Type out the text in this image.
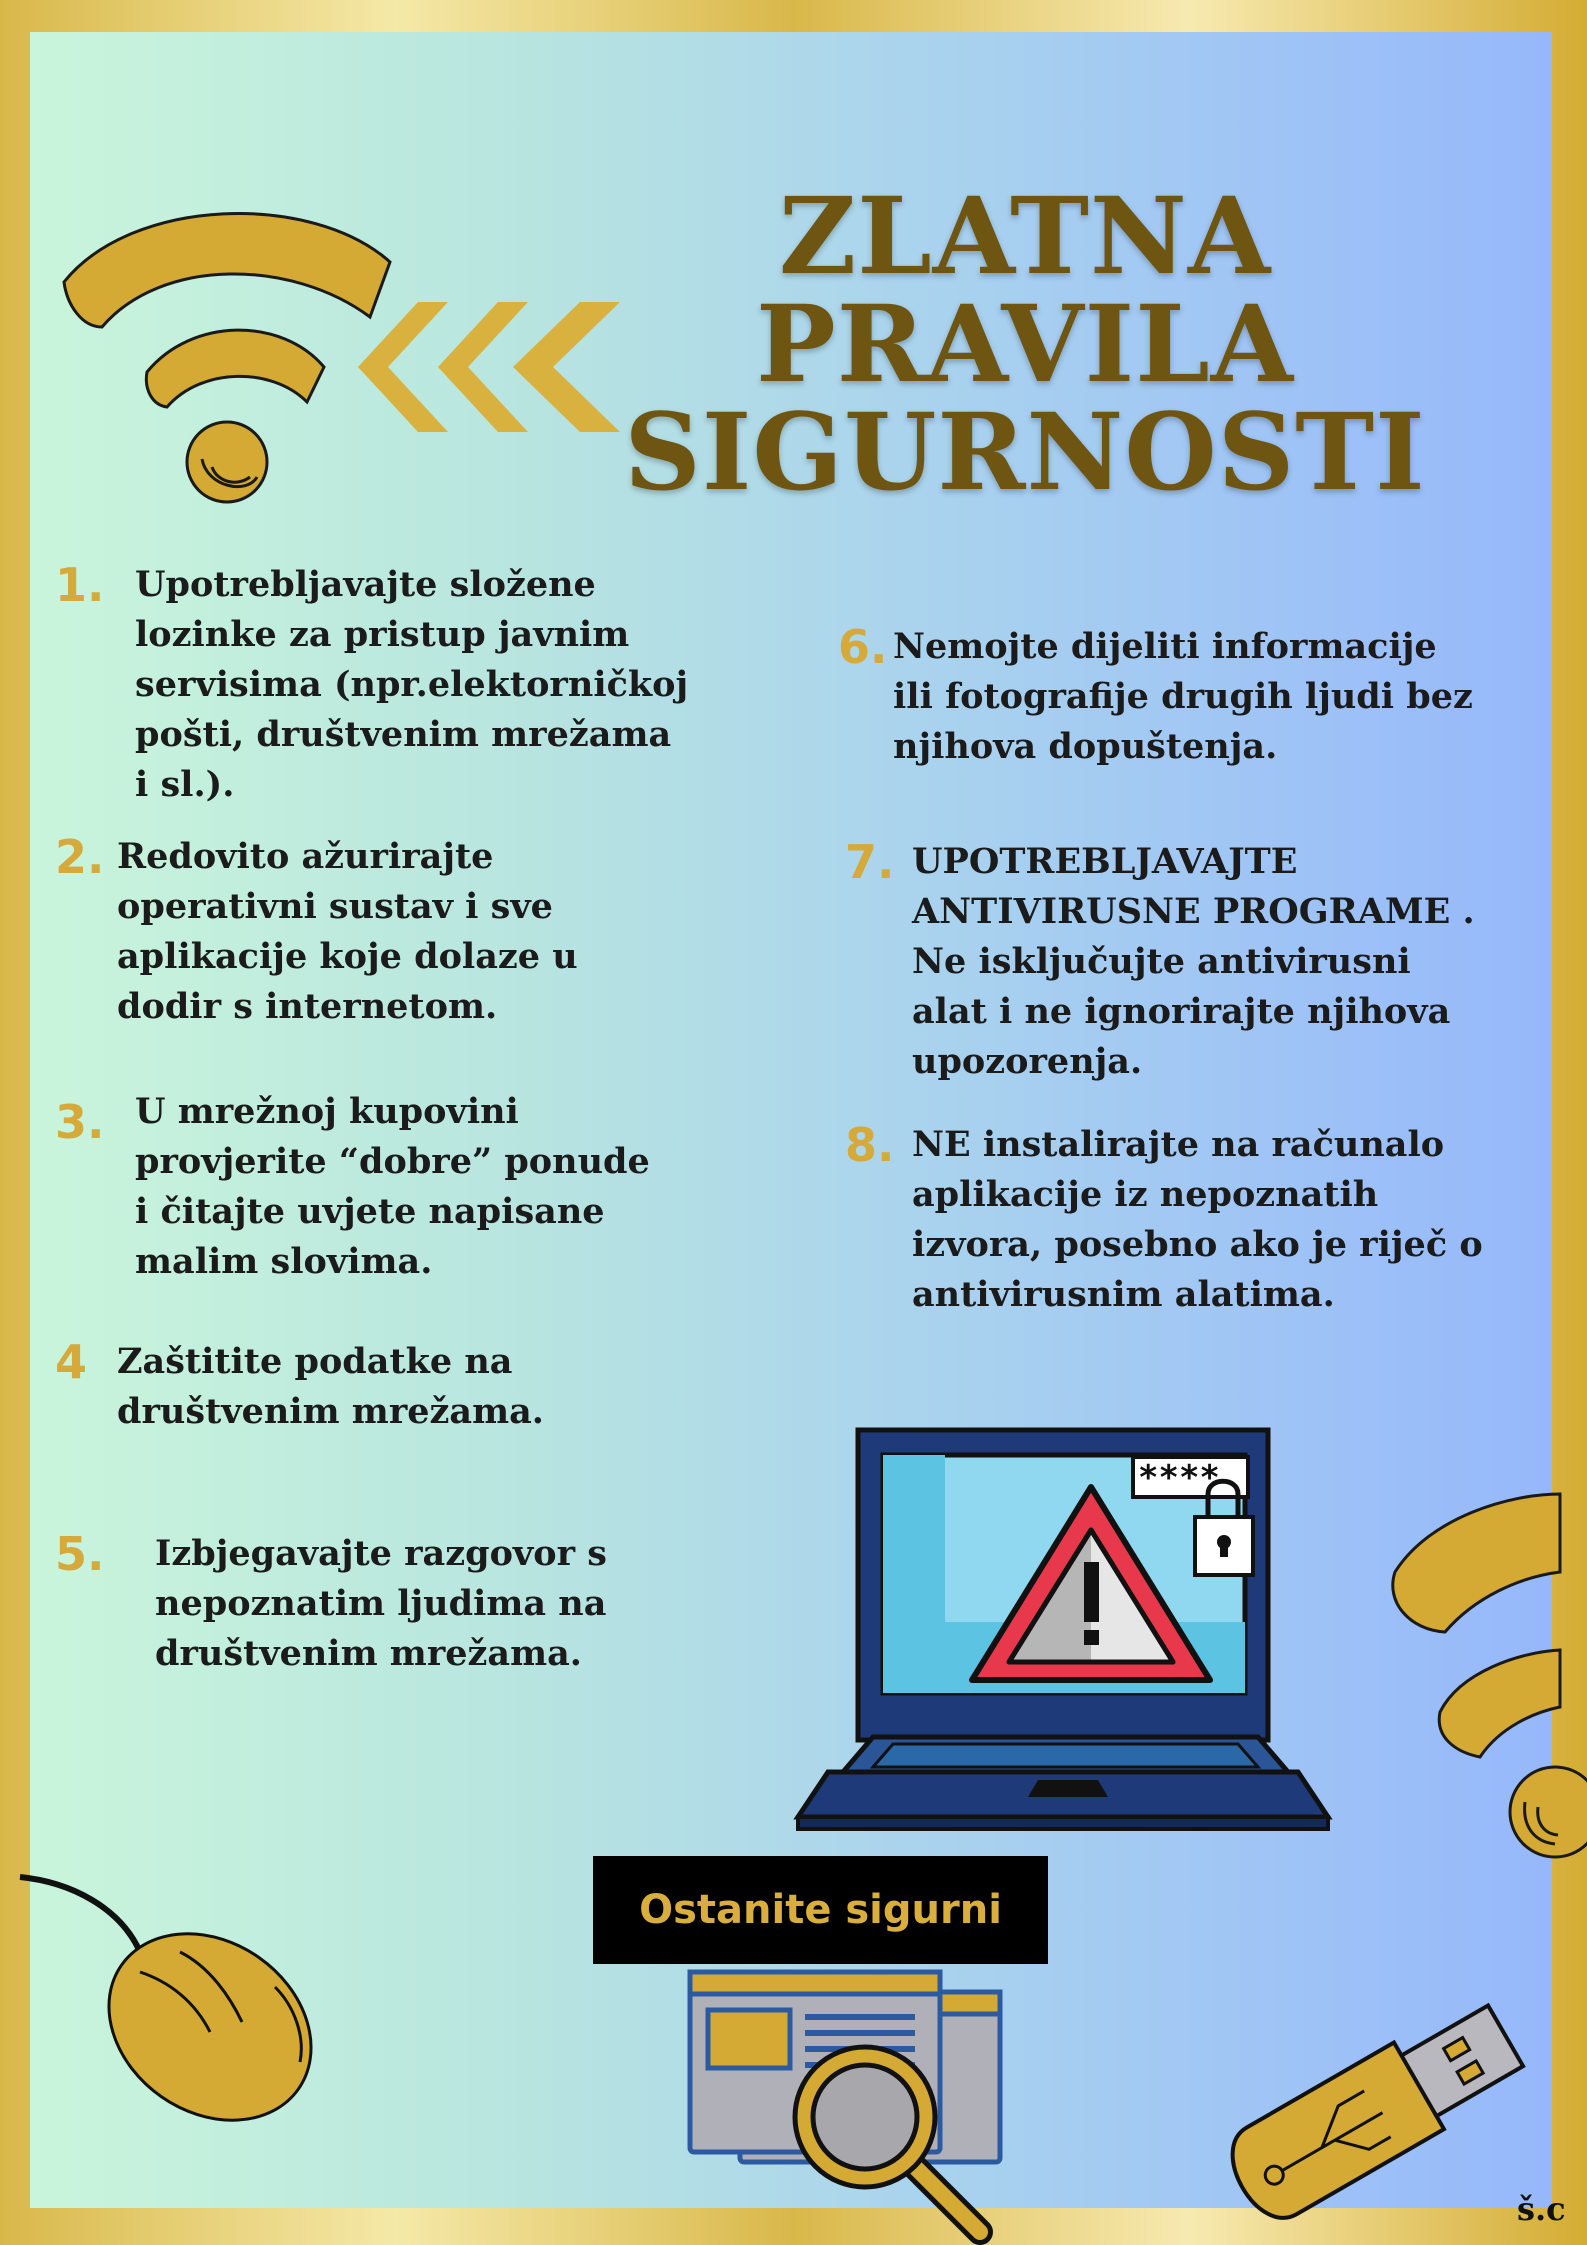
ZLATNA PRAVILA
SIGURNOSTI
1. Upotrebljavajte složene lozinke za pristup javnim servisima (npr.elektorničkoj pošti, društvenim mrežama i sl.).
2. Redovito ažurirajte operativni sustav i sve aplikacije koje dolaze u dodir s internetom.
3. U mrežnoj kupovini provjerite “dobre” ponude i čitajte uvjete napisane malim slovima.
4 Zaštitite podatke na društvenim mrežama.
5.	Izbjegavajte razgovor s nepoznatim ljudima na društvenim mrežama.
6. Nemojte dijeliti informacije ili fotografije drugih ljudi bez njihova dopuštenja.
7. UPOTREBLJAVAJTE ANTIVIRUSNE PROGRAME . Ne isključujte antivirusni alat i ne ignorirajte njihova upozorenja.
8. NE instalirajte na računalo aplikacije iz nepoznatih izvora, posebno ako je riječ o antivirusnim alatima.
****
Ostanite sigurni
š.c
